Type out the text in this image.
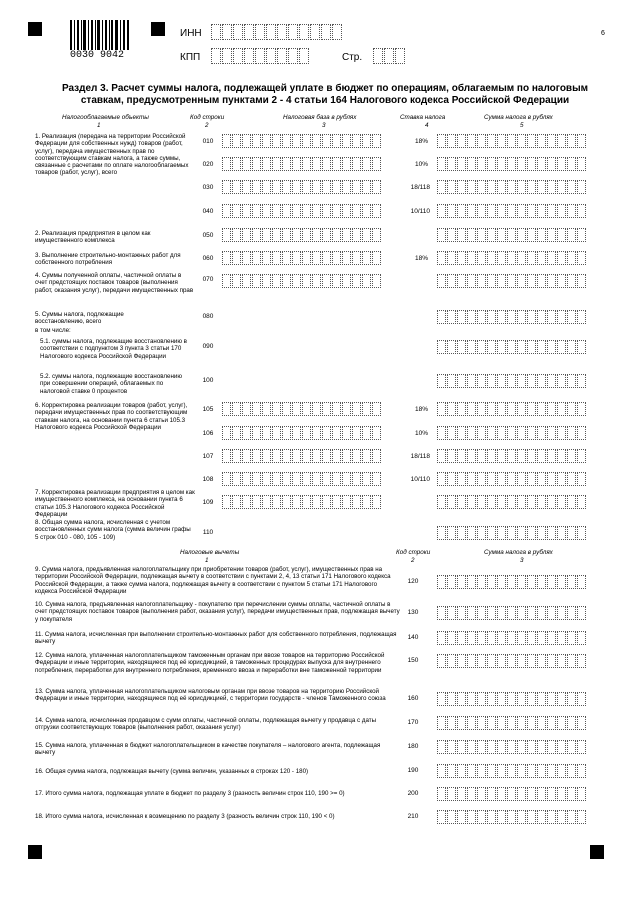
0030 9042
ИНН
КПП	Стр.
6
Раздел 3. Расчет суммы налога, подлежащей уплате в бюджет по операциям, облагаемым по налоговым
ставкам, предусмотренным пунктами 2 - 4 статьи 164 Налогового кодекса Российской Федерации
Налогооблагаемые объекты
1
Код строки
2
Налоговая база в рублях
3
Ставка налога
4
Сумма налога в рублях
5
1. Реализация (передача на территории Российской Федерации для собственных нужд) товаров (работ, услуг), передача имущественных прав по соответствующим ставкам налога, а также суммы, связанные с расчетами по оплате налогооблагаемых товаров (работ, услуг), всего
2. Реализация предприятия в целом как имущественного комплекса
3. Выполнение строительно-монтажных работ для собственного потребления
4. Суммы полученной оплаты, частичной оплаты в счет предстоящих поставок товаров (выполнения работ, оказания услуг), передачи имущественных прав
5. Суммы налога, подлежащие восстановлению, всего
в том числе:
5.1. суммы налога, подлежащие восстановлению в соответствии с подпунктом 3 пункта 3 статьи 170 Налогового кодекса Российской Федерации
5.2. суммы налога, подлежащие восстановлению при совершении операций, облагаемых по налоговой ставке 0 процентов
6. Корректировка реализации товаров (работ, услуг), передачи имущественных прав по соответствующим ставкам налога, на основании пункта 6 статьи 105.3 Налогового кодекса Российской Федерации
7. Корректировка реализации предприятия в целом как имущественного комплекса, на основании пункта 6 статьи 105.3 Налогового кодекса Российской Федерации
8. Общая сумма налога, исчисленная с учетом восстановленных сумм налога (сумма величин графы 5 строк 010 - 080, 105 - 109)
010
020
030
040
050
060
070
080
090
100
105
106
107
108
109
110
18%
10%
18/118
10/110
18%
18%
10%
18/118
10/110
Налоговые вычеты
1
Код строки
2
Сумма налога в рублях
3
9. Сумма налога, предъявленная налогоплательщику при приобретении товаров (работ, услуг), имущественных прав на территории Российской Федерации, подлежащая вычету в соответствии с пунктами 2, 4, 13 статьи 171 Налогового кодекса Российской Федерации, а также сумма налога, подлежащая вычету в соответствии с пунктом 5 статьи 171 Налогового кодекса Российской Федерации
10. Сумма налога, предъявленная налогоплательщику - покупателю при перечислении суммы оплаты, частичной оплаты в счет предстоящих поставок товаров (выполнения работ, оказания услуг), передачи имущественных прав, подлежащая вычету у покупателя
11. Сумма налога, исчисленная при выполнении строительно-монтажных работ для собственного потребления, подлежащая вычету
12. Сумма налога, уплаченная налогоплательщиком таможенным органам при ввозе товаров на территорию Российской Федерации и иные территории, находящиеся под её юрисдикцией, в таможенных процедурах выпуска для внутреннего потребления, переработки для внутреннего потребления, временного ввоза и переработки вне таможенной территории
13. Сумма налога, уплаченная налогоплательщиком налоговым органам при ввозе товаров на территорию Российской Федерации и иные территории, находящиеся под её юрисдикцией, с территории государств - членов Таможенного союза
14. Сумма налога, исчисленная продавцом с сумм оплаты, частичной оплаты, подлежащая вычету у продавца с даты отгрузки соответствующих товаров (выполнения работ, оказания услуг)
15. Сумма налога, уплаченная в бюджет налогоплательщиком в качестве покупателя – налогового агента, подлежащая вычету
16. Общая сумма налога, подлежащая вычету (сумма величин, указанных в строках 120 - 180)
17. Итого сумма налога, подлежащая уплате в бюджет по разделу 3 (разность величин строк 110, 190 >= 0)
18. Итого сумма налога, исчисленная к возмещению по разделу 3 (разность величин строк 110, 190 < 0)
120
130
140
150
160
170
180
190
200
210
